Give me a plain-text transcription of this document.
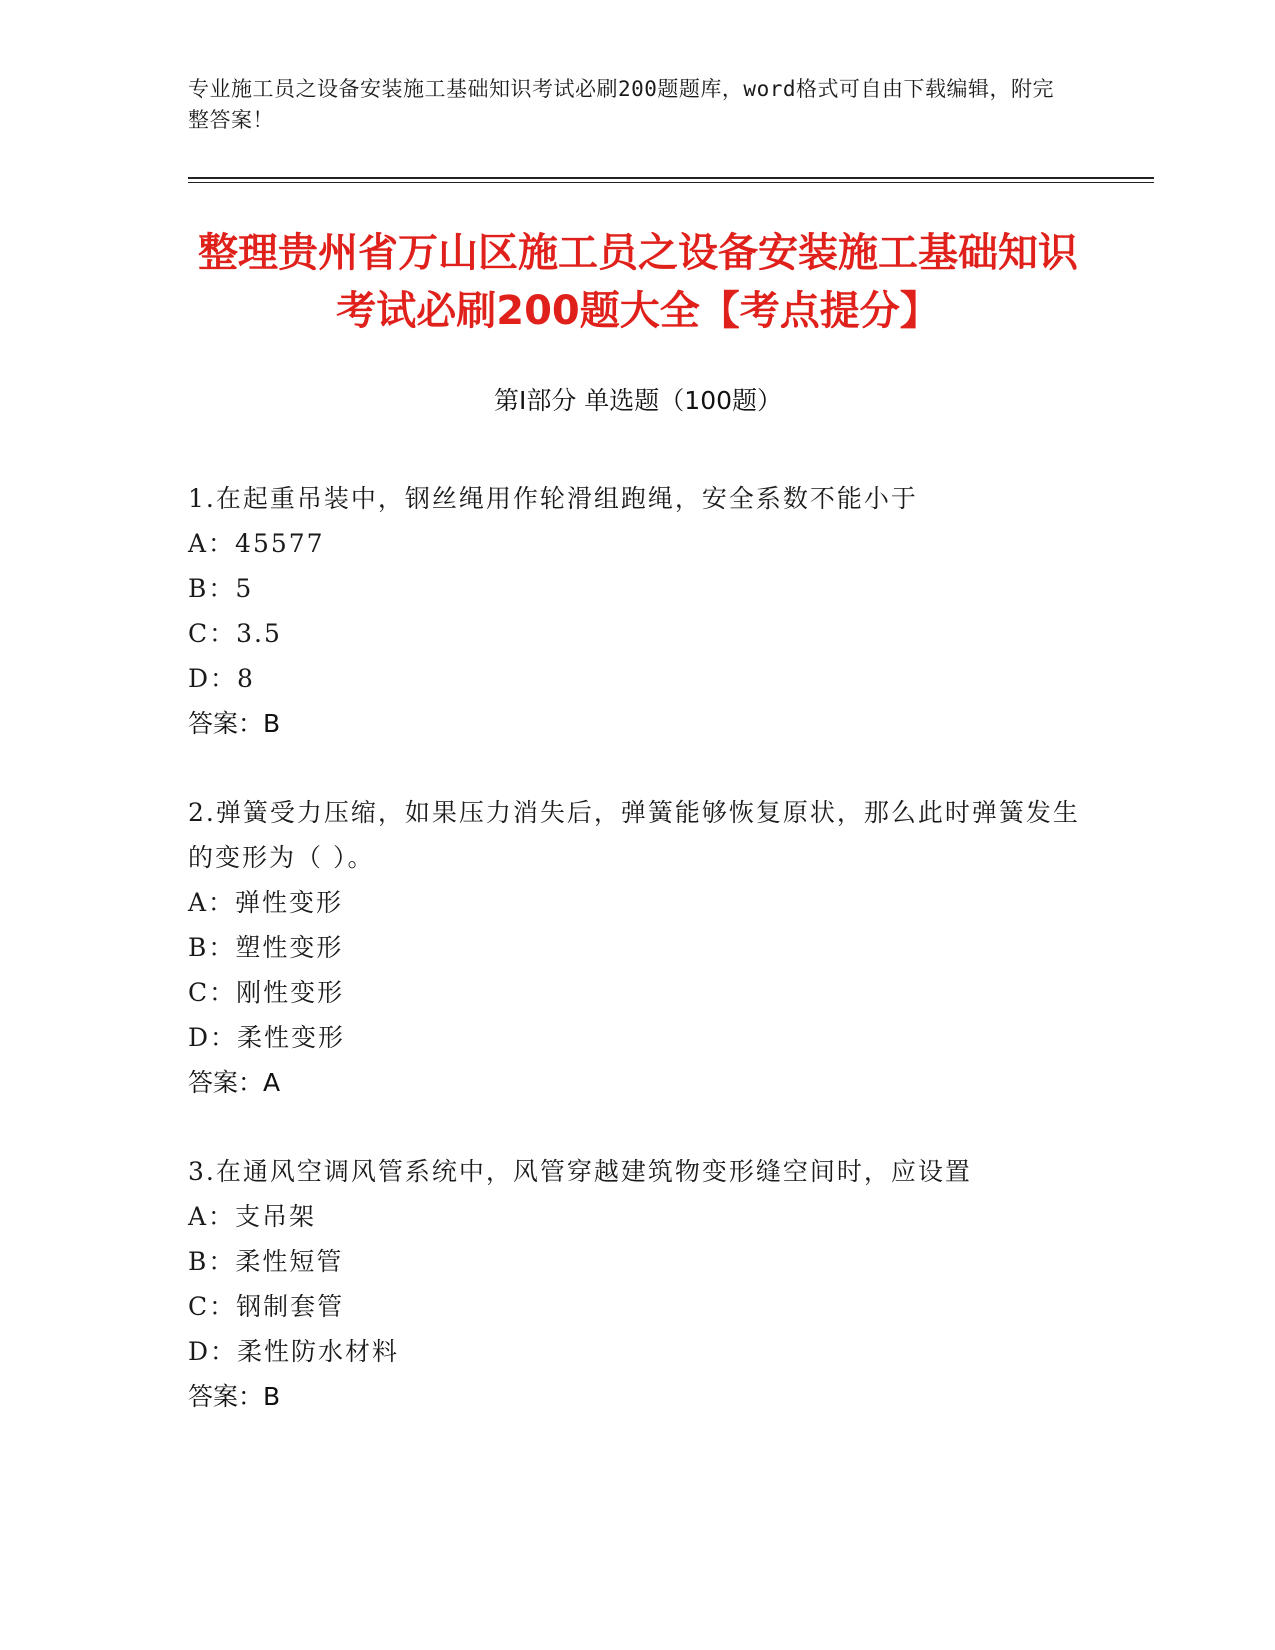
专业施工员之设备安装施工基础知识考试必刷200题题库，word格式可自由下载编辑，附完整答案！
整理贵州省万山区施工员之设备安装施工基础知识考试必刷200题大全【考点提分】
第I部分 单选题（100题）
1.在起重吊装中，钢丝绳用作轮滑组跑绳，安全系数不能小于
A：45577
B：5
C：3.5
D：8
答案：B
2.弹簧受力压缩，如果压力消失后，弹簧能够恢复原状，那么此时弹簧发生的变形为（ ）。
A：弹性变形
B：塑性变形
C：刚性变形
D：柔性变形
答案：A
3.在通风空调风管系统中，风管穿越建筑物变形缝空间时，应设置
A：支吊架
B：柔性短管
C：钢制套管
D：柔性防水材料
答案：B
